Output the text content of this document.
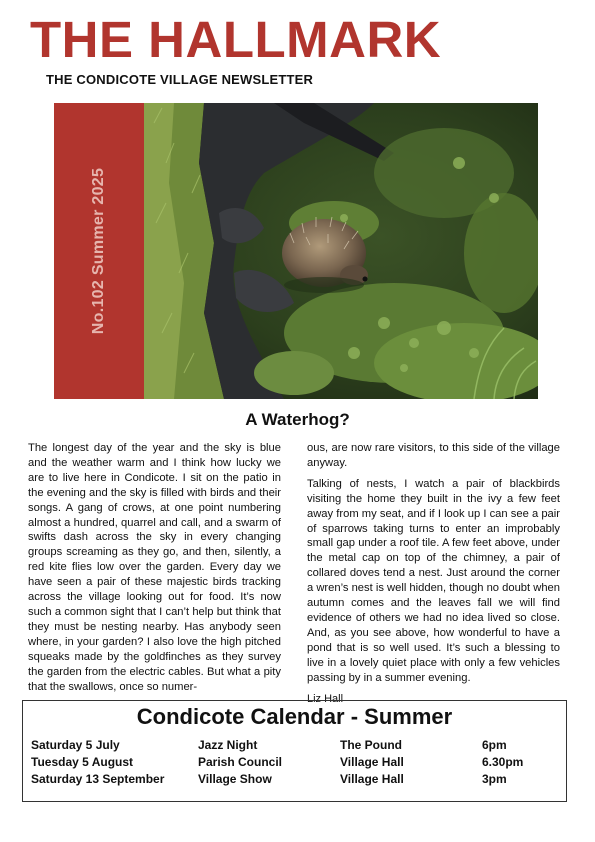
THE HALLMARK
THE CONDICOTE VILLAGE NEWSLETTER
No.102 Summer 2025
A Waterhog?

The longest day of the year and the sky is blue and the weather warm and I think how lucky we are to live here in Condicote. I sit on the patio in the evening and the sky is filled with birds and their songs. A gang of crows, at one point numbering almost a hundred, quarrel and call, and a swarm of swifts dash across the sky in every changing groups screaming as they go, and then, silently, a red kite flies low over the garden. Every day we have seen a pair of these majestic birds tracking across the village looking out for food. It’s now such a common sight that I can’t help but think that they must be nesting nearby. Has anybody seen where, in your garden? I also love the high pitched squeaks made by the goldfinches as they survey the garden from the electric cables. But what a pity that the swallows, once so numer-

ous, are now rare visitors, to this side of the village anyway.

Talking of nests, I watch a pair of blackbirds visiting the home they built in the ivy a few feet away from my seat, and if I look up I can see a pair of sparrows taking turns to enter an improbably small gap under a roof tile. A few feet above, under the metal cap on top of the chimney, a pair of collared doves tend a nest. Just around the corner a wren’s nest is well hidden, though no doubt when autumn comes and the leaves fall we will find evidence of others we had no idea lived so close. And, as you see above, how wonderful to have a pond that is so well used. It’s such a blessing to live in a lovely quiet place with only a few vehicles passing by in a summer evening.

Liz Hall
Condicote Calendar - Summer
Saturday 5 July	Jazz Night	The Pound	6pm
Tuesday 5 August	Parish Council	Village Hall	6.30pm
Saturday 13 September	Village Show	Village Hall	3pm
